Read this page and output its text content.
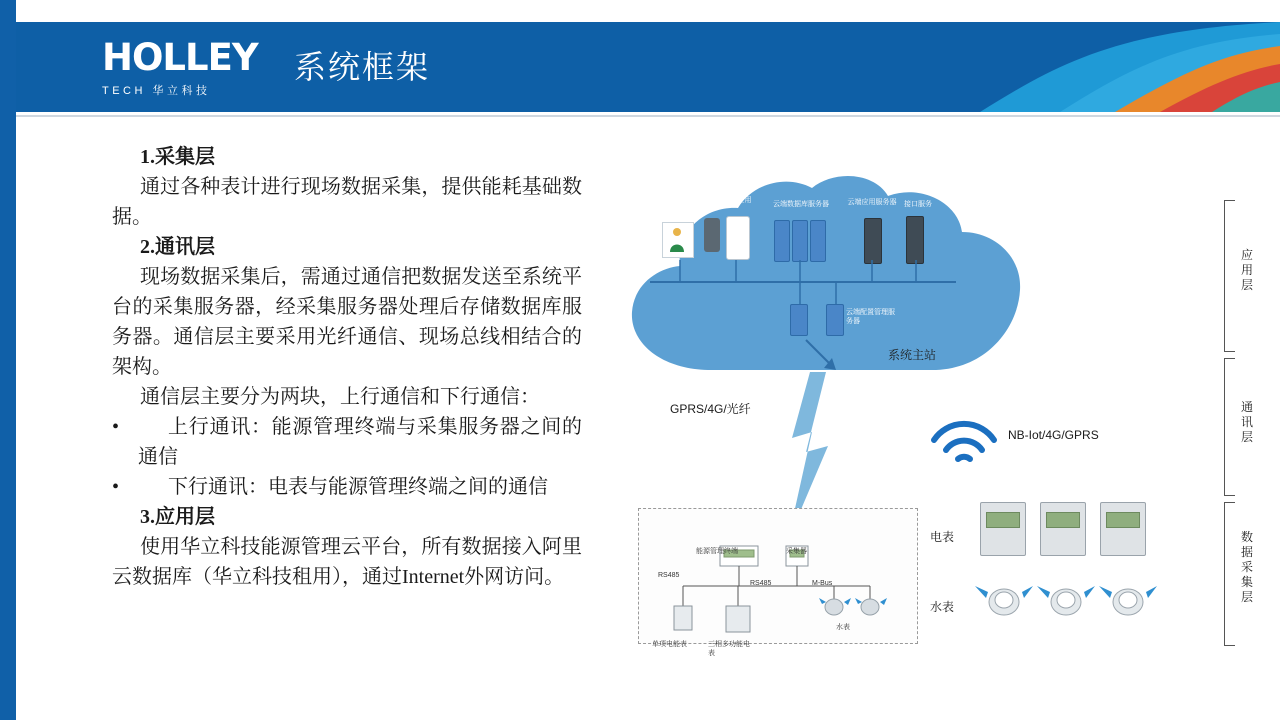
HOLLEY
TECH 华立科技
系统框架
1.采集层
通过各种表计进行现场数据采集，提供能耗基础数据。
2.通讯层
现场数据采集后，需通过通信把数据发送至系统平台的采集服务器，经采集服务器处理后存储数据库服务器。通信层主要采用光纤通信、现场总线相结合的架构。
通信层主要分为两块，上行通信和下行通信：
•	上行通讯：能源管理终端与采集服务器之间的通信
•	下行通讯：电表与能源管理终端之间的通信
3.应用层
使用华立科技能源管理云平台，所有数据接入阿里云数据库（华立科技租用），通过Internet外网访问。
管理人工作台
移动端应用
云端数据库服务器	云端应用服务器	接口服务
云端配置管理服务器
系统主站
GPRS/4G/光纤
NB-Iot/4G/GPRS
能源管理终端	采集器
RS485
RS485	M-Bus
单项电能表	三相多功能电表
水表
电表
水表
应用层
通讯层
数据采集层
